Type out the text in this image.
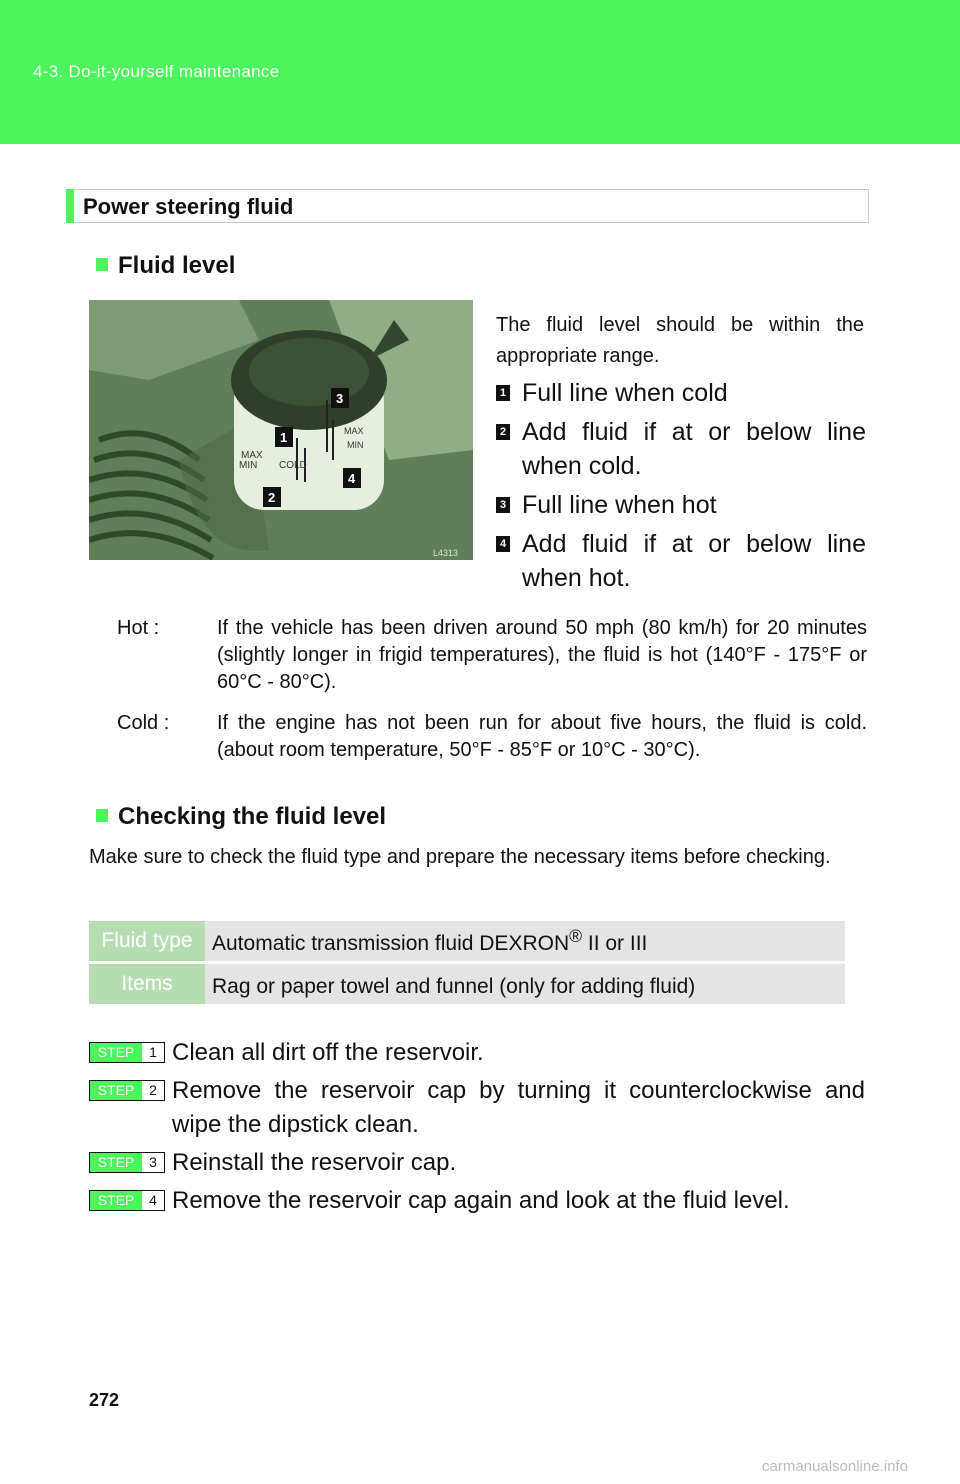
4-3. Do-it-yourself maintenance
Power steering fluid
Fluid level
MAX
MIN COLD
MAX
MIN
1
2
3
4
L4313
The fluid level should be within the appropriate range.
1 Full line when cold
2 Add fluid if at or below line when cold.
3 Full line when hot
4 Add fluid if at or below line when hot.
Hot :	If the vehicle has been driven around 50 mph (80 km/h) for 20 minutes (slightly longer in frigid temperatures), the fluid is hot (140°F - 175°F or 60°C - 80°C).
Cold :	If the engine has not been run for about five hours, the fluid is cold. (about room temperature, 50°F - 85°F or 10°C - 30°C).
Checking the fluid level
Make sure to check the fluid type and prepare the necessary items before checking.
Fluid type	Automatic transmission fluid DEXRON® II or III
Items	Rag or paper towel and funnel (only for adding fluid)
STEP	1 Clean all dirt off the reservoir.
STEP	2 Remove the reservoir cap by turning it counterclockwise and wipe the dipstick clean.
STEP	3 Reinstall the reservoir cap.
STEP	4 Remove the reservoir cap again and look at the fluid level.
272
carmanualsonline.info
